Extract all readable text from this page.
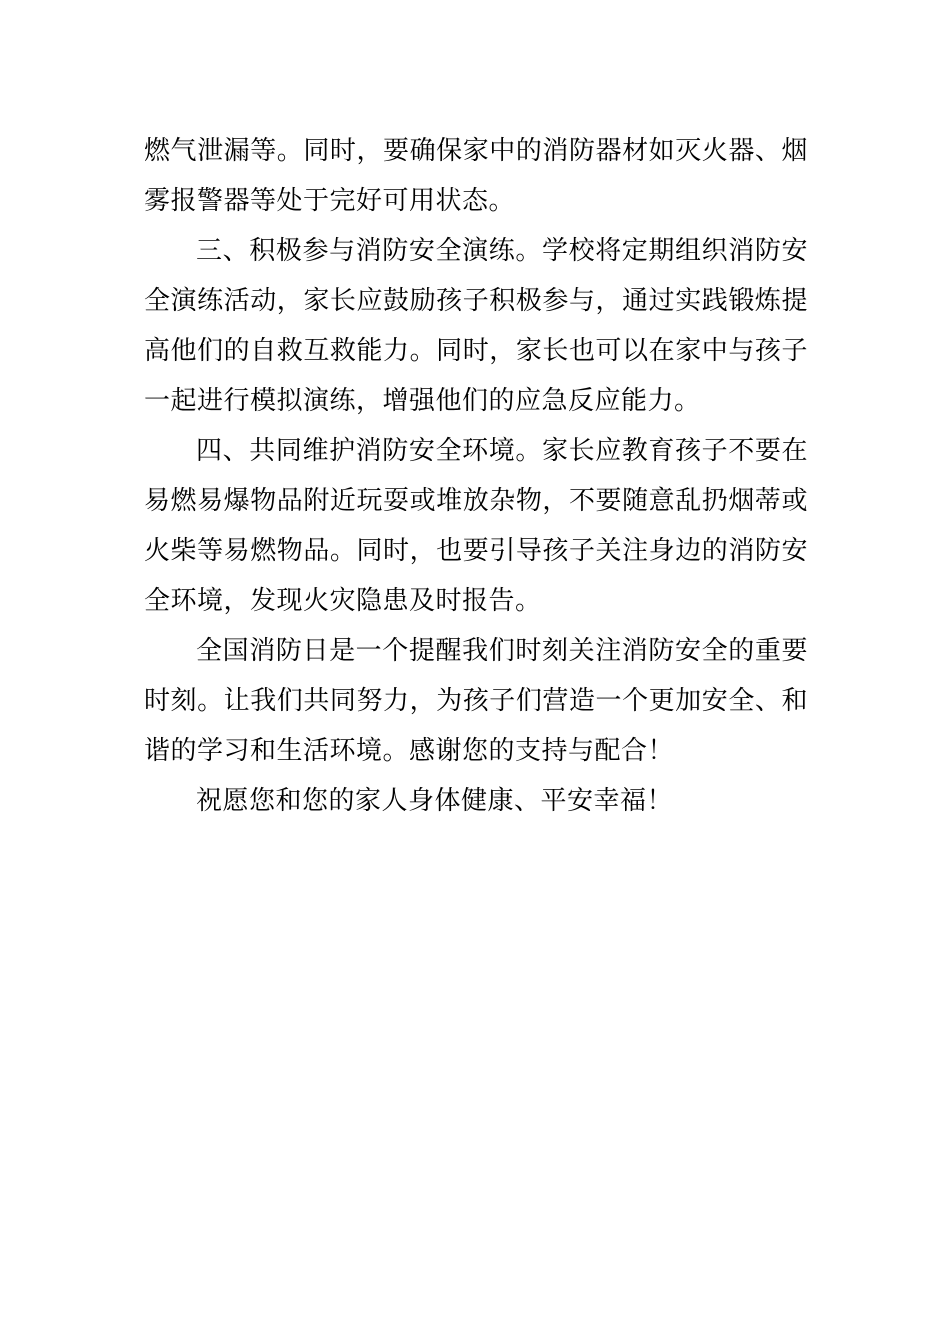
燃气泄漏等。同时，要确保家中的消防器材如灭火器、烟雾报警器等处于完好可用状态。

三、积极参与消防安全演练。学校将定期组织消防安全演练活动，家长应鼓励孩子积极参与，通过实践锻炼提高他们的自救互救能力。同时，家长也可以在家中与孩子一起进行模拟演练，增强他们的应急反应能力。

四、共同维护消防安全环境。家长应教育孩子不要在易燃易爆物品附近玩耍或堆放杂物，不要随意乱扔烟蒂或火柴等易燃物品。同时，也要引导孩子关注身边的消防安全环境，发现火灾隐患及时报告。

全国消防日是一个提醒我们时刻关注消防安全的重要时刻。让我们共同努力，为孩子们营造一个更加安全、和谐的学习和生活环境。感谢您的支持与配合！

祝愿您和您的家人身体健康、平安幸福！
